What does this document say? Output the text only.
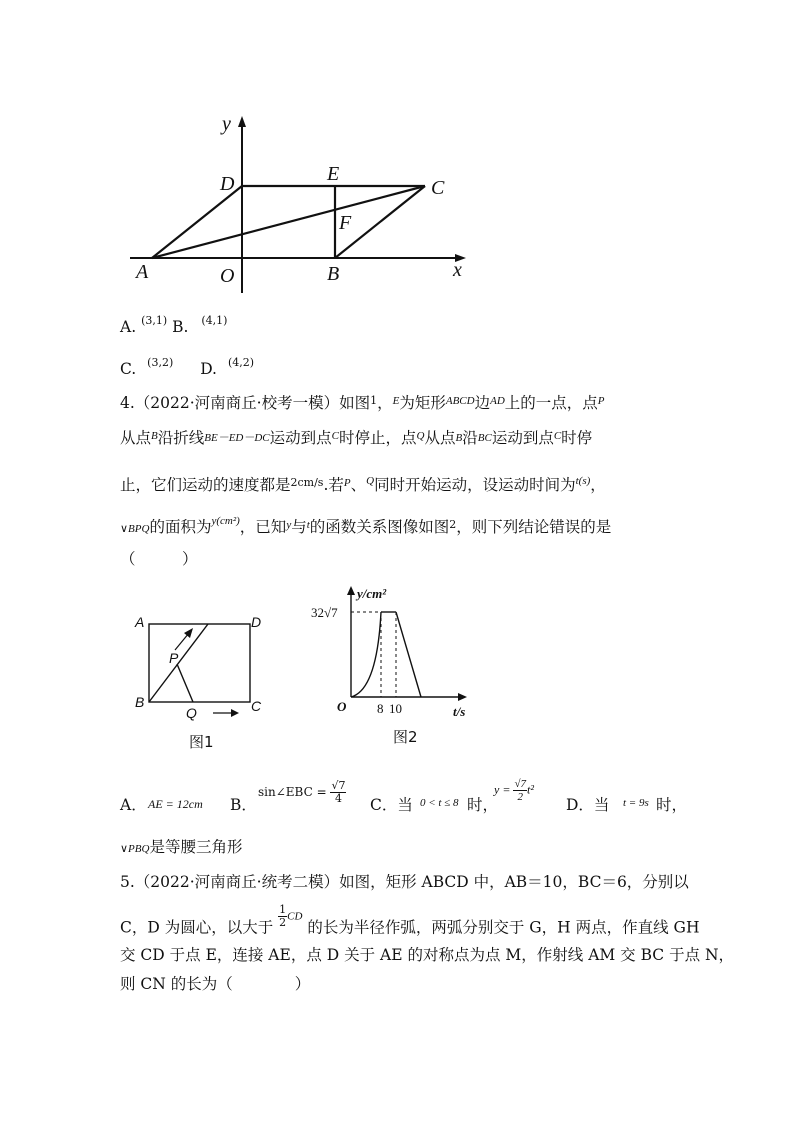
y
x
D	E
C
F
A	O	B
A. $^{(3,1)}$ B. $^{(4,1)}$
C. $^{(3,2)}$ D. $^{(4,2)}$
4.（2022·河南商丘·校考一模）如图$^1$，$^E$为矩形$^{ABCD}$边$^{AD}$上的一点，点$^P$
从点$^B$沿折线BE－ED－DC运动到点$^C$时停止，点$^Q$从点B沿BC运动到点$^C$时停
止，它们运动的速度都是$^{2cm/s}$.若$^P$、$^Q$同时开始运动，设运动时间为$^{t(s)}$，
∨BPQ的面积为$^{y(cm^2)}$，已知$^y$与$^t$的函数关系图像如图$^2$，则下列结论错误的是
（　　　）
A	D
P
B
Q	C
图1
y/cm²
32√7
O 8 10	t/s
图2
A． AE = 12cm B．
sin∠EBC = $\frac{√7}{4}$ C．当 0 < t ≤ 8 时，
$y = \frac{√7}{2} t^2$
D．当 t = 9s 时，
∨PBQ是等腰三角形
5.（2022·河南商丘·统考二模）如图，矩形 ABCD 中，AB＝10，BC＝6，分别以
C，D 为圆心，以大于 $\frac{1}{2}$ CD 的长为半径作弧，两弧分别交于 G，H 两点，作直线 GH
交 CD 于点 E，连接 AE，点 D 关于 AE 的对称点为点 M，作射线 AM 交 BC 于点 N，
则 CN 的长为（　　　　）
